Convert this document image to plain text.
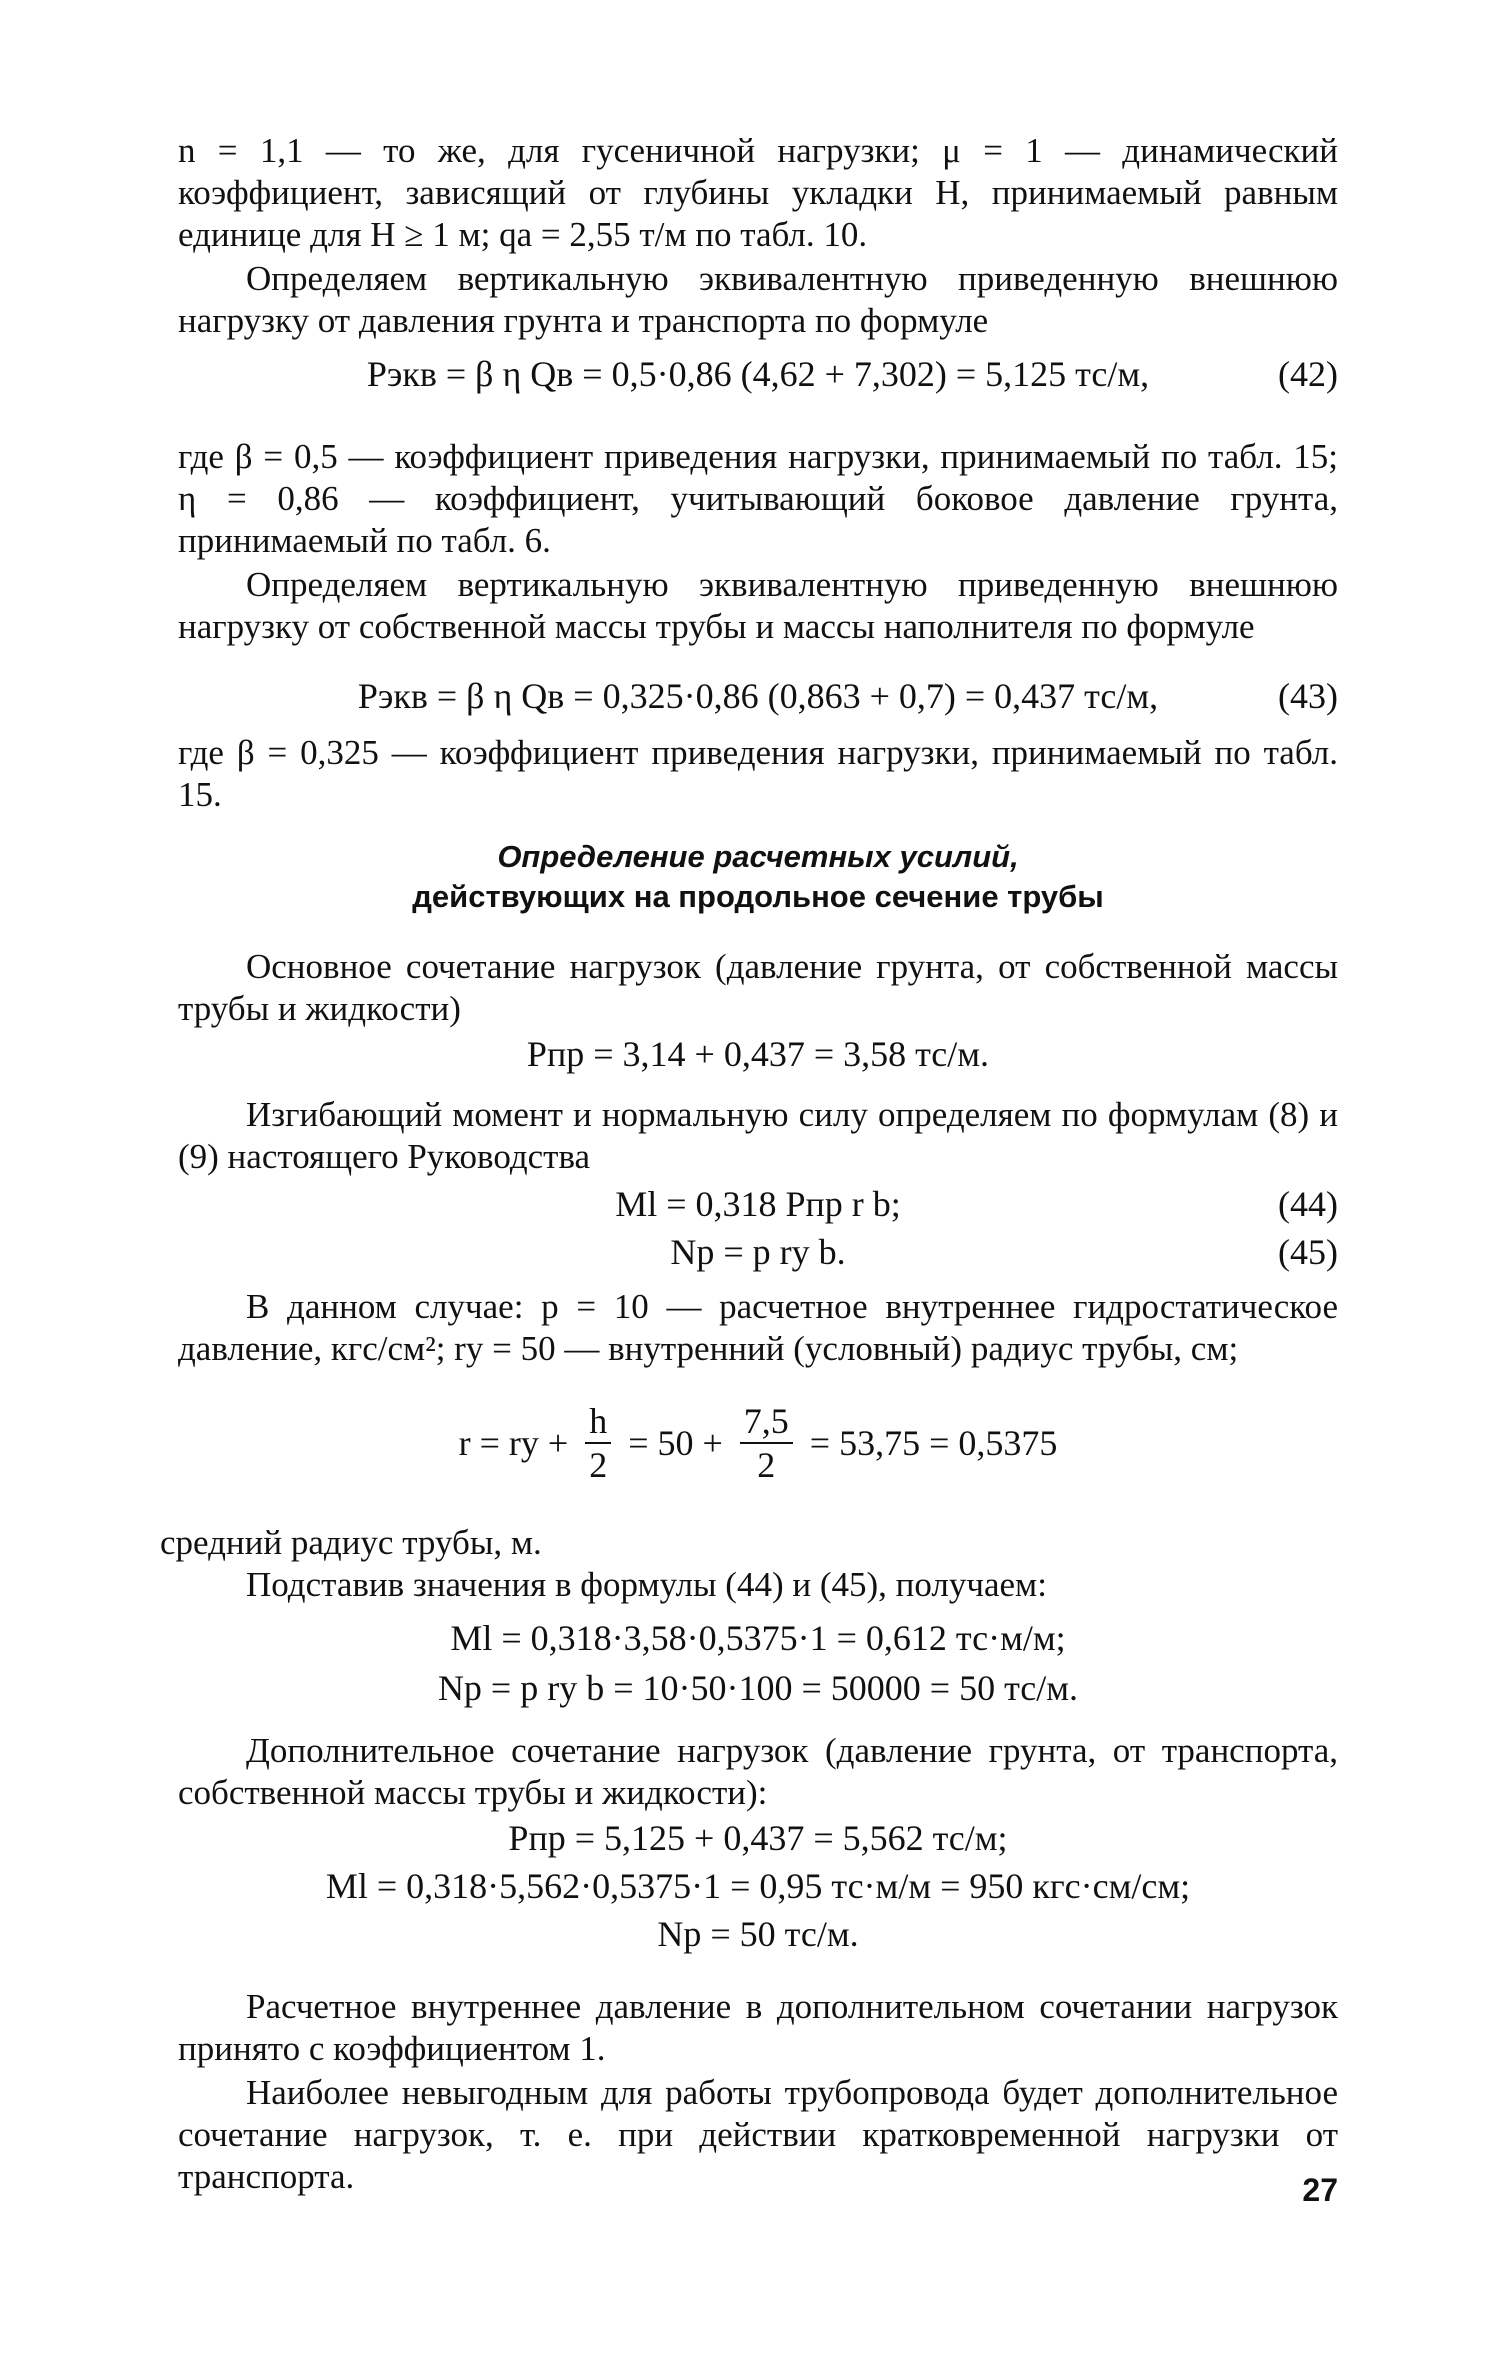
n = 1,1 — то же, для гусеничной нагрузки; μ = 1 — динамический коэффициент, зависящий от глубины укладки H, принимаемый равным единице для H ≥ 1 м; qа = 2,55 т/м по табл. 10.
Определяем вертикальную эквивалентную приведенную внешнюю нагрузку от давления грунта и транспорта по формуле
Pэкв = β η Qв = 0,5·0,86 (4,62 + 7,302) = 5,125 тс/м,	(42)
где β = 0,5 — коэффициент приведения нагрузки, принимаемый по табл. 15; η = 0,86 — коэффициент, учитывающий боковое давление грунта, принимаемый по табл. 6.
Определяем вертикальную эквивалентную приведенную внешнюю нагрузку от собственной массы трубы и массы наполнителя по формуле
Pэкв = β η Qв = 0,325·0,86 (0,863 + 0,7) = 0,437 тс/м,	(43)
где β = 0,325 — коэффициент приведения нагрузки, принимаемый по табл. 15.
Определение расчетных усилий,
действующих на продольное сечение трубы
Основное сочетание нагрузок (давление грунта, от собственной массы трубы и жидкости)
Pпр = 3,14 + 0,437 = 3,58 тс/м.
Изгибающий момент и нормальную силу определяем по формулам (8) и (9) настоящего Руководства
Ml = 0,318 Pпр r b;	(44)
Nр = p rу b.	(45)
В данном случае: p = 10 — расчетное внутреннее гидростатическое давление, кгс/см²; rу = 50 — внутренний (условный) радиус трубы, см;
r = rу + $\frac{h}{2} = 50 + \frac{7,5}{2} = 53,75 = 0,5375$
средний радиус трубы, м.
Подставив значения в формулы (44) и (45), получаем:
Ml = 0,318·3,58·0,5375·1 = 0,612 тс·м/м;
Nр = p rу b = 10·50·100 = 50000 = 50 тс/м.
Дополнительное сочетание нагрузок (давление грунта, от транспорта, собственной массы трубы и жидкости):
Pпр = 5,125 + 0,437 = 5,562 тс/м;
Ml = 0,318·5,562·0,5375·1 = 0,95 тс·м/м = 950 кгс·см/см;
Nр = 50 тс/м.
Расчетное внутреннее давление в дополнительном сочетании нагрузок принято с коэффициентом 1.
Наиболее невыгодным для работы трубопровода будет дополнительное сочетание нагрузок, т. е. при действии кратковременной нагрузки от транспорта.	27
